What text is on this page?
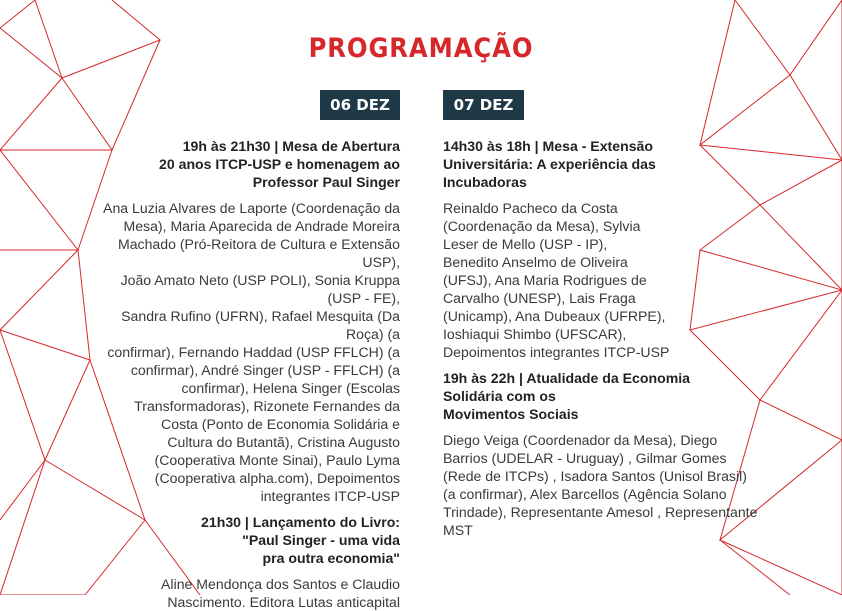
PROGRAMAÇÃO
06 DEZ	07 DEZ
19h às 21h30 | Mesa de Abertura
20 anos ITCP-USP e homenagem ao
Professor Paul Singer
Ana Luzia Alvares de Laporte (Coordenação da
Mesa), Maria Aparecida de Andrade Moreira
Machado (Pró-Reitora de Cultura e Extensão USP),
João Amato Neto (USP POLI), Sonia Kruppa (USP - FE),
Sandra Rufino (UFRN), Rafael Mesquita (Da Roça) (a
confirmar), Fernando Haddad (USP FFLCH) (a
confirmar), André Singer (USP - FFLCH) (a
confirmar), Helena Singer (Escolas
Transformadoras), Rizonete Fernandes da
Costa (Ponto de Economia Solidária e
Cultura do Butantã), Cristina Augusto
(Cooperativa Monte Sinai), Paulo Lyma
(Cooperativa alpha.com), Depoimentos
integrantes ITCP-USP
21h30 | Lançamento do Livro:
"Paul Singer - uma vida
pra outra economia"
Aline Mendonça dos Santos e Claudio
Nascimento. Editora Lutas anticapital
14h30 às 18h | Mesa - Extensão
Universitária: A experiência das
Incubadoras
Reinaldo Pacheco da Costa
(Coordenação da Mesa), Sylvia
Leser de Mello (USP - IP),
Benedito Anselmo de Oliveira
(UFSJ), Ana Maria Rodrigues de
Carvalho (UNESP), Lais Fraga
(Unicamp), Ana Dubeaux (UFRPE),
Ioshiaqui Shimbo (UFSCAR),
Depoimentos integrantes ITCP-USP
19h às 22h | Atualidade da Economia
Solidária com os
Movimentos Sociais
Diego Veiga (Coordenador da Mesa), Diego
Barrios (UDELAR - Uruguay) , Gilmar Gomes
(Rede de ITCPs) , Isadora Santos (Unisol Brasil)
(a confirmar), Alex Barcellos (Agência Solano
Trindade), Representante Amesol , Representante
MST
